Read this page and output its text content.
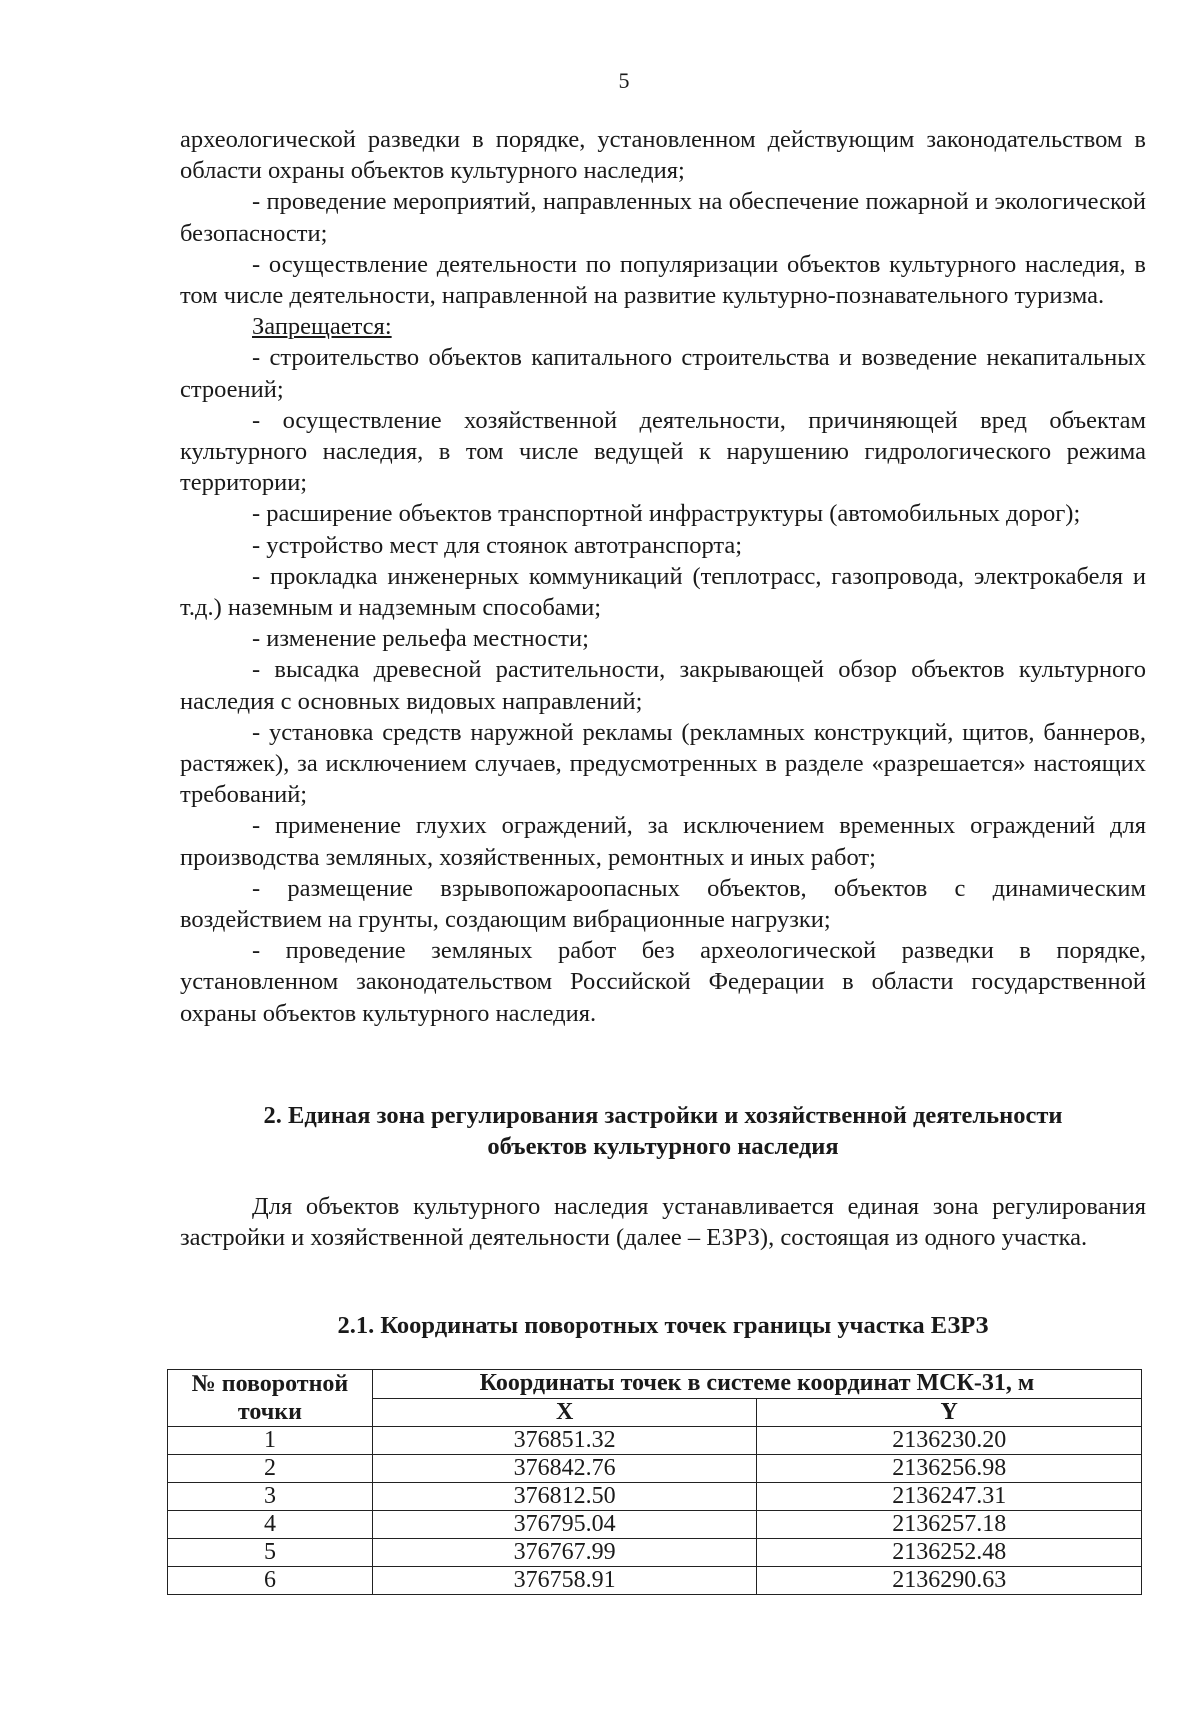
5

археологической разведки в порядке, установленном действующим законодательством в области охраны объектов культурного наследия;

- проведение мероприятий, направленных на обеспечение пожарной и экологической безопасности;

- осуществление деятельности по популяризации объектов культурного наследия, в том числе деятельности, направленной на развитие культурно-познавательного туризма.

Запрещается:

- строительство объектов капитального строительства и возведение некапитальных строений;

- осуществление хозяйственной деятельности, причиняющей вред объектам культурного наследия, в том числе ведущей к нарушению гидрологического режима территории;

- расширение объектов транспортной инфраструктуры (автомобильных дорог);

- устройство мест для стоянок автотранспорта;

- прокладка инженерных коммуникаций (теплотрасс, газопровода, электрокабеля и т.д.) наземным и надземным способами;

- изменение рельефа местности;

- высадка древесной растительности, закрывающей обзор объектов культурного наследия с основных видовых направлений;

- установка средств наружной рекламы (рекламных конструкций, щитов, баннеров, растяжек), за исключением случаев, предусмотренных в разделе «разрешается» настоящих требований;

- применение глухих ограждений, за исключением временных ограждений для производства земляных, хозяйственных, ремонтных и иных работ;

- размещение взрывопожароопасных объектов, объектов с динамическим воздействием на грунты, создающим вибрационные нагрузки;

- проведение земляных работ без археологической разведки в порядке, установленном законодательством Российской Федерации в области государственной охраны объектов культурного наследия.

2. Единая зона регулирования застройки и хозяйственной деятельности
объектов культурного наследия

Для объектов культурного наследия устанавливается единая зона регулирования застройки и хозяйственной деятельности (далее – ЕЗРЗ), состоящая из одного участка.

2.1. Координаты поворотных точек границы участка ЕЗРЗ
№ поворотной
точки	Координаты точек в системе координат МСК-31, м	
	X	Y
1	376851.32	2136230.20
2	376842.76	2136256.98
3	376812.50	2136247.31
4	376795.04	2136257.18
5	376767.99	2136252.48
6	376758.91	2136290.63
